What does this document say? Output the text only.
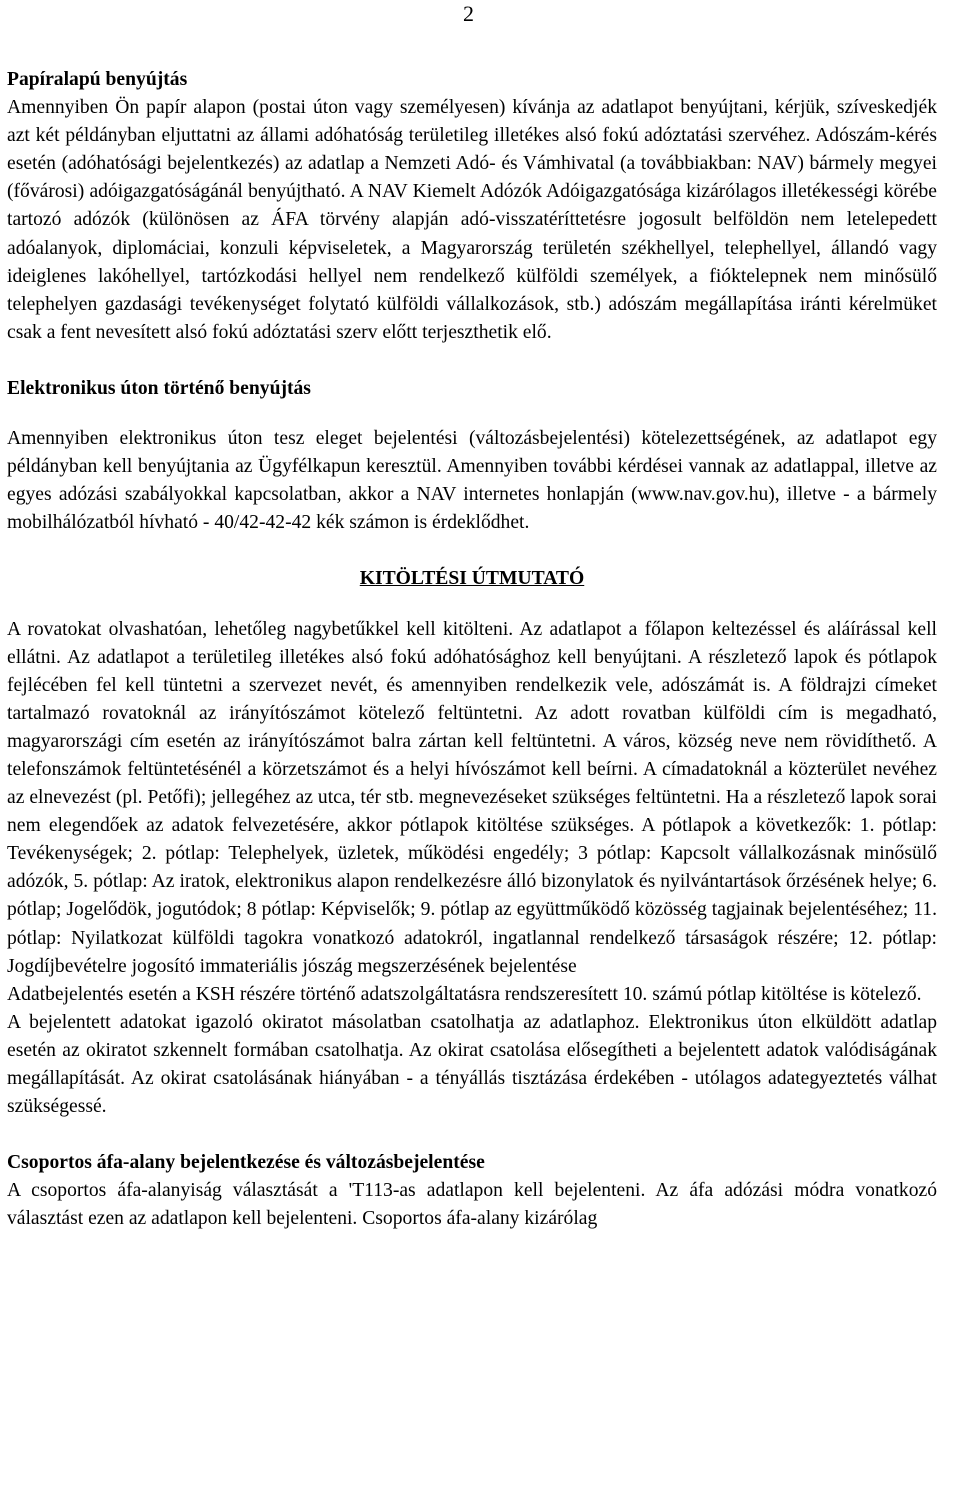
2
Papíralapú benyújtás

Amennyiben Ön papír alapon (postai úton vagy személyesen) kívánja az adatlapot benyújtani, kérjük, szíveskedjék azt két példányban eljuttatni az állami adóhatóság területileg illetékes alsó fokú adóztatási szervéhez. Adószám-kérés esetén (adóhatósági bejelentkezés) az adatlap a Nemzeti Adó- és Vámhivatal (a továbbiakban: NAV) bármely megyei (fővárosi) adóigazgatóságánál benyújtható. A NAV Kiemelt Adózók Adóigazgatósága kizárólagos illetékességi körébe tartozó adózók (különösen az ÁFA törvény alapján adó-visszatéríttetésre jogosult belföldön nem letelepedett adóalanyok, diplomáciai, konzuli képviseletek, a Magyarország területén székhellyel, telephellyel, állandó vagy ideiglenes lakóhellyel, tartózkodási hellyel nem rendelkező külföldi személyek, a fióktelepnek nem minősülő telephelyen gazdasági tevékenységet folytató külföldi vállalkozások, stb.) adószám megállapítása iránti kérelmüket csak a fent nevesített alsó fokú adóztatási szerv előtt terjeszthetik elő.

Elektronikus úton történő benyújtás

Amennyiben elektronikus úton tesz eleget bejelentési (változásbejelentési) kötelezettségének, az adatlapot egy példányban kell benyújtania az Ügyfélkapun keresztül. Amennyiben további kérdései vannak az adatlappal, illetve az egyes adózási szabályokkal kapcsolatban, akkor a NAV internetes honlapján (www.nav.gov.hu), illetve - a bármely mobilhálózatból hívható - 40/42-42-42 kék számon is érdeklődhet.

KITÖLTÉSI ÚTMUTATÓ

A rovatokat olvashatóan, lehetőleg nagybetűkkel kell kitölteni. Az adatlapot a főlapon keltezéssel és aláírással kell ellátni. Az adatlapot a területileg illetékes alsó fokú adóhatósághoz kell benyújtani. A részletező lapok és pótlapok fejlécében fel kell tüntetni a szervezet nevét, és amennyiben rendelkezik vele, adószámát is. A földrajzi címeket tartalmazó rovatoknál az irányítószámot kötelező feltüntetni. Az adott rovatban külföldi cím is megadható, magyarországi cím esetén az irányítószámot balra zártan kell feltüntetni. A város, község neve nem rövidíthető. A telefonszámok feltüntetésénél a körzetszámot és a helyi hívószámot kell beírni. A címadatoknál a közterület nevéhez az elnevezést (pl. Petőfi); jellegéhez az utca, tér stb. megnevezéseket szükséges feltüntetni. Ha a részletező lapok sorai nem elegendőek az adatok felvezetésére, akkor pótlapok kitöltése szükséges. A pótlapok a következők: 1. pótlap: Tevékenységek; 2. pótlap: Telephelyek, üzletek, működési engedély; 3 pótlap: Kapcsolt vállalkozásnak minősülő adózók, 5. pótlap: Az iratok, elektronikus alapon rendelkezésre álló bizonylatok és nyilvántartások őrzésének helye; 6. pótlap; Jogelődök, jogutódok; 8 pótlap: Képviselők; 9. pótlap az együttműködő közösség tagjainak bejelentéséhez; 11. pótlap: Nyilatkozat külföldi tagokra vonatkozó adatokról, ingatlannal rendelkező társaságok részére; 12. pótlap: Jogdíjbevételre jogosító immateriális jószág megszerzésének bejelentése

Adatbejelentés esetén a KSH részére történő adatszolgáltatásra rendszeresített 10. számú pótlap kitöltése is kötelező.

A bejelentett adatokat igazoló okiratot másolatban csatolhatja az adatlaphoz. Elektronikus úton elküldött adatlap esetén az okiratot szkennelt formában csatolhatja. Az okirat csatolása elősegítheti a bejelentett adatok valódiságának megállapítását. Az okirat csatolásának hiányában - a tényállás tisztázása érdekében - utólagos adategyeztetés válhat szükségessé.

Csoportos áfa-alany bejelentkezése és változásbejelentése

A csoportos áfa-alanyiság választását a 'T113-as adatlapon kell bejelenteni. Az áfa adózási módra vonatkozó választást ezen az adatlapon kell bejelenteni. Csoportos áfa-alany kizárólag
